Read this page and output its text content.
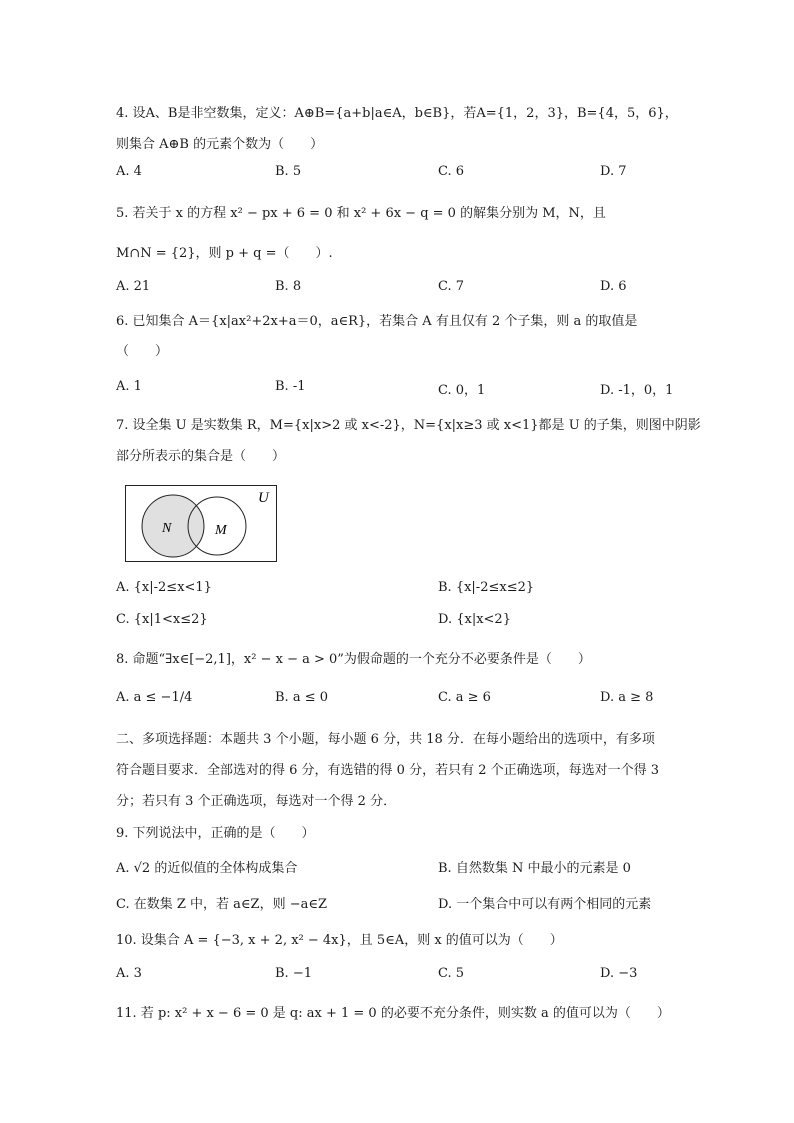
4. 设A、B是非空数集，定义：A⊕B={a+b|a∈A，b∈B}，若A={1，2，3}，B={4，5，6}，
则集合 A⊕B 的元素个数为（　　）
A. 4	B. 5	C. 6	D. 7
5. 若关于 x 的方程 x² − px + 6 = 0 和 x² + 6x − q = 0 的解集分别为 M，N，且
M∩N = {2}，则 p + q =（　　）.
A. 21	B. 8	C. 7	D. 6
6. 已知集合 A＝{x|ax²+2x+a＝0，a∈R}，若集合 A 有且仅有 2 个子集，则 a 的取值是
（　　）
A. 1	B. -1	C. 0，1	D. -1，0，1
7. 设全集 U 是实数集 R，M={x|x>2 或 x<-2}，N={x|x≥3 或 x<1}都是 U 的子集，则图中阴影
部分所表示的集合是（　　）
U
N	M
A. {x|-2≤x<1}	B. {x|-2≤x≤2}
C. {x|1<x≤2}	D. {x|x<2}
8. 命题“∃x∈[−2,1]，x² − x − a > 0”为假命题的一个充分不必要条件是（　　）
A. a ≤ −1/4	B. a ≤ 0	C. a ≥ 6	D. a ≥ 8
二、多项选择题：本题共 3 个小题，每小题 6 分，共 18 分．在每小题给出的选项中，有多项
符合题目要求．全部选对的得 6 分，有选错的得 0 分，若只有 2 个正确选项，每选对一个得 3
分；若只有 3 个正确选项，每选对一个得 2 分．
9. 下列说法中，正确的是（　　）
A. √2 的近似值的全体构成集合	B. 自然数集 N 中最小的元素是 0
C. 在数集 Z 中，若 a∈Z，则 −a∈Z	D. 一个集合中可以有两个相同的元素
10. 设集合 A = {−3, x + 2, x² − 4x}，且 5∈A，则 x 的值可以为（　　）
A. 3	B. −1	C. 5	D. −3
11. 若 p: x² + x − 6 = 0 是 q: ax + 1 = 0 的必要不充分条件，则实数 a 的值可以为（　　）
